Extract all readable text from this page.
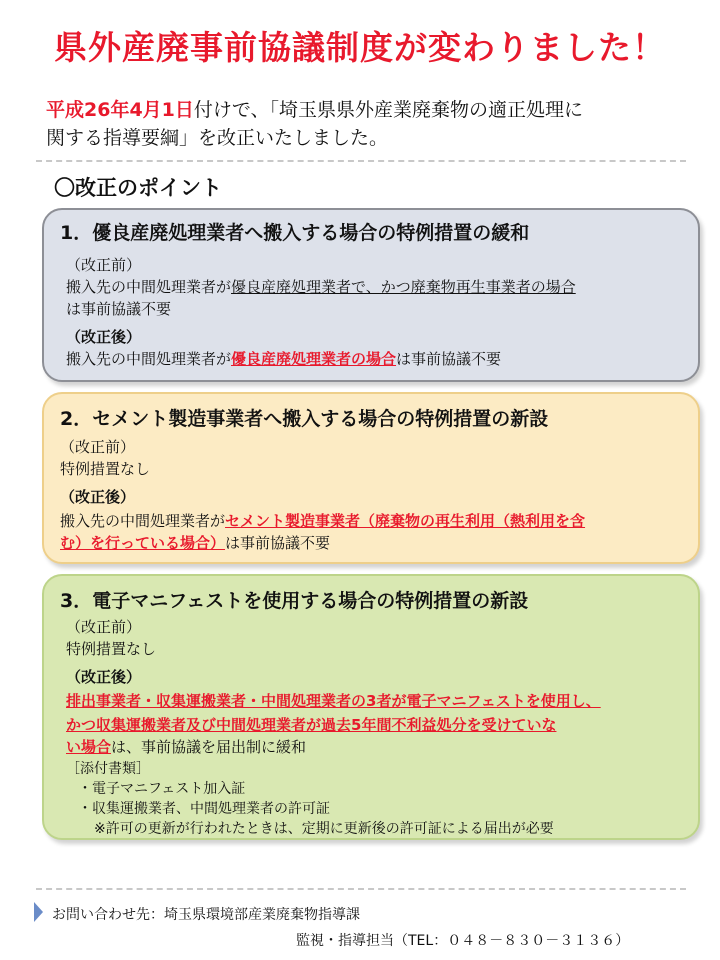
県外産廃事前協議制度が変わりました！
平成26年4月1日付けで、「埼玉県県外産業廃棄物の適正処理に
関する指導要綱」を改正いたしました。
〇改正のポイント
1．優良産廃処理業者へ搬入する場合の特例措置の緩和
（改正前）
搬入先の中間処理業者が優良産廃処理業者で、かつ廃棄物再生事業者の場合
は事前協議不要
（改正後）
搬入先の中間処理業者が優良産廃処理業者の場合は事前協議不要
2．セメント製造事業者へ搬入する場合の特例措置の新設
（改正前）
特例措置なし
（改正後）
搬入先の中間処理業者がセメント製造事業者（廃棄物の再生利用（熱利用を含
む）を行っている場合）は事前協議不要
3．電子マニフェストを使用する場合の特例措置の新設
（改正前）
特例措置なし
（改正後）
排出事業者・収集運搬業者・中間処理業者の3者が電子マニフェストを使用し、
かつ収集運搬業者及び中間処理業者が過去5年間不利益処分を受けていな
い場合は、事前協議を届出制に緩和
［添付書類］
・電子マニフェスト加入証
・収集運搬業者、中間処理業者の許可証
※許可の更新が行われたときは、定期に更新後の許可証による届出が必要
お問い合わせ先：埼玉県環境部産業廃棄物指導課
監視・指導担当（TEL：０４８－８３０－３１３６）
